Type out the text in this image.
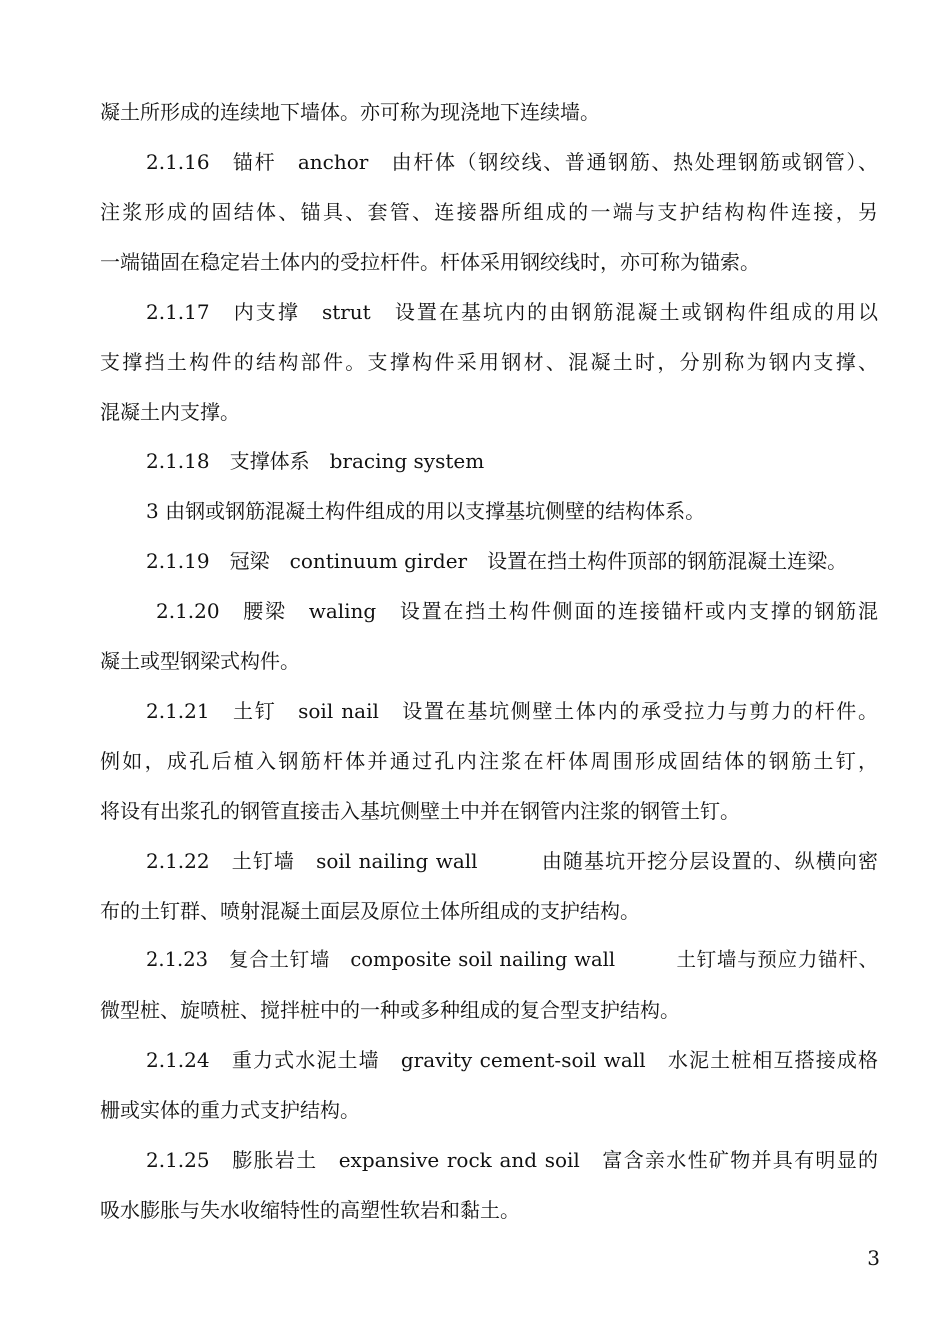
凝土所形成的连续地下墙体。亦可称为现浇地下连续墙。
2.1.16　锚杆　anchor　由杆体（钢绞线、普通钢筋、热处理钢筋或钢管）、
注浆形成的固结体、锚具、套管、连接器所组成的一端与支护结构构件连接，另
一端锚固在稳定岩土体内的受拉杆件。杆体采用钢绞线时，亦可称为锚索。
2.1.17　内支撑　strut　设置在基坑内的由钢筋混凝土或钢构件组成的用以
支撑挡土构件的结构部件。支撑构件采用钢材、混凝土时，分别称为钢内支撑、
混凝土内支撑。
2.1.18　支撑体系　bracing system
3 由钢或钢筋混凝土构件组成的用以支撑基坑侧壁的结构体系。
2.1.19　冠梁　continuum girder　设置在挡土构件顶部的钢筋混凝土连梁。
2.1.20　腰梁　waling　设置在挡土构件侧面的连接锚杆或内支撑的钢筋混
凝土或型钢梁式构件。
2.1.21　土钉　soil nail　设置在基坑侧壁土体内的承受拉力与剪力的杆件。
例如，成孔后植入钢筋杆体并通过孔内注浆在杆体周围形成固结体的钢筋土钉，
将设有出浆孔的钢管直接击入基坑侧壁土中并在钢管内注浆的钢管土钉。
2.1.22　土钉墙　soil nailing wall　　　由随基坑开挖分层设置的、纵横向密
布的土钉群、喷射混凝土面层及原位土体所组成的支护结构。
2.1.23　复合土钉墙　composite soil nailing wall　　　土钉墙与预应力锚杆、
微型桩、旋喷桩、搅拌桩中的一种或多种组成的复合型支护结构。
2.1.24　重力式水泥土墙　gravity cement-soil wall　水泥土桩相互搭接成格
栅或实体的重力式支护结构。
2.1.25　膨胀岩土　expansive rock and soil　富含亲水性矿物并具有明显的
吸水膨胀与失水收缩特性的高塑性软岩和黏土。
3
